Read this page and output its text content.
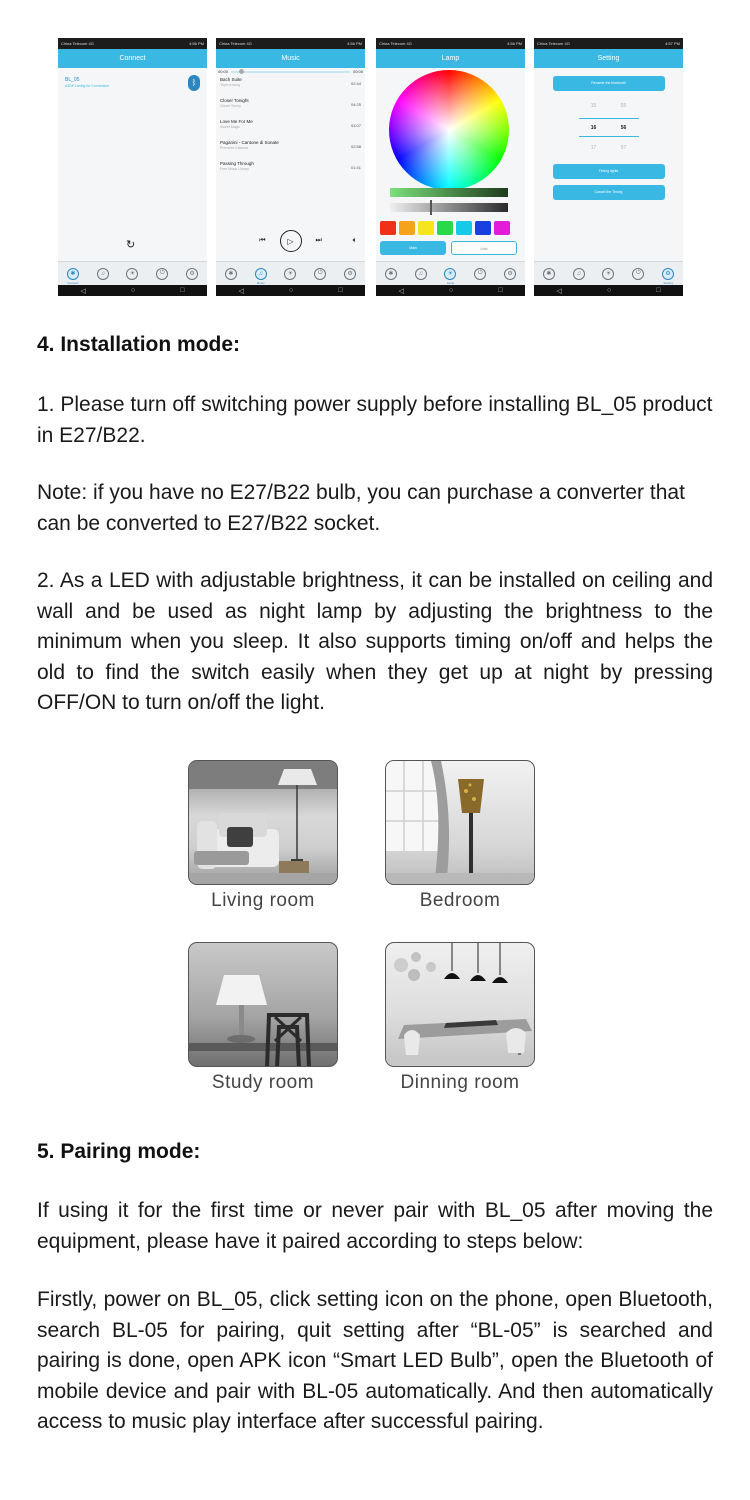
China Telecom 4G	4:56 PM
Connect
BL_05
A2DP Laxing for Connection	ᛒ
↻
✱
Connect
♫	☀	⏻	⚙
◁	○	□
China Telecom 4G	4:56 PM
Music
00:00	00:00
Bach Suite
Yoyo ni dong	02:44
Closer Tonight
Closer Sonny	04:25
Love Me For Me
Sweet Magic	03:07
Paganini - Cantone di Sonate
Premiere Classics	02:58
Passing Through
Free Music Library	01:41
⏮	▷	⏭	🔈︎
✱	♫
Music
☀	⏻	⚙
◁	○	□
China Telecom 4G	4:56 PM
Lamp
Main	Auto
✱	♫	☀
Lamp
⏻	⚙
◁	○	□
China Telecom 4G	4:57 PM
Setting
Rename the bluetooth
15	55
16	56
17	57
Timing lights
Cancel the Timing
✱	♫	☀	⏻	⚙
Setting
◁	○	□
4. Installation mode:
1. Please turn off switching power supply before installing BL_05 product in E27/B22.
Note: if you have no E27/B22 bulb, you can purchase a converter that can be converted to E27/B22 socket.
2. As a LED with adjustable brightness, it can be installed on ceiling and wall and be used as night lamp by adjusting the brightness to the minimum when you sleep. It also supports timing on/off and helps the old to find the switch easily when they get up at night by pressing OFF/ON to turn on/off the light.
Living room	Bedroom
Study room	Dinning room
5. Pairing mode:
If using it for the first time or never pair with BL_05 after moving the equipment, please have it paired according to steps below:
Firstly, power on BL_05, click setting icon on the phone, open Bluetooth, search BL-05 for pairing, quit setting after “BL-05” is searched and pairing is done, open APK icon “Smart LED Bulb”, open the Bluetooth of mobile device and pair with BL-05 automatically. And then automatically access to music play interface after successful pairing.
